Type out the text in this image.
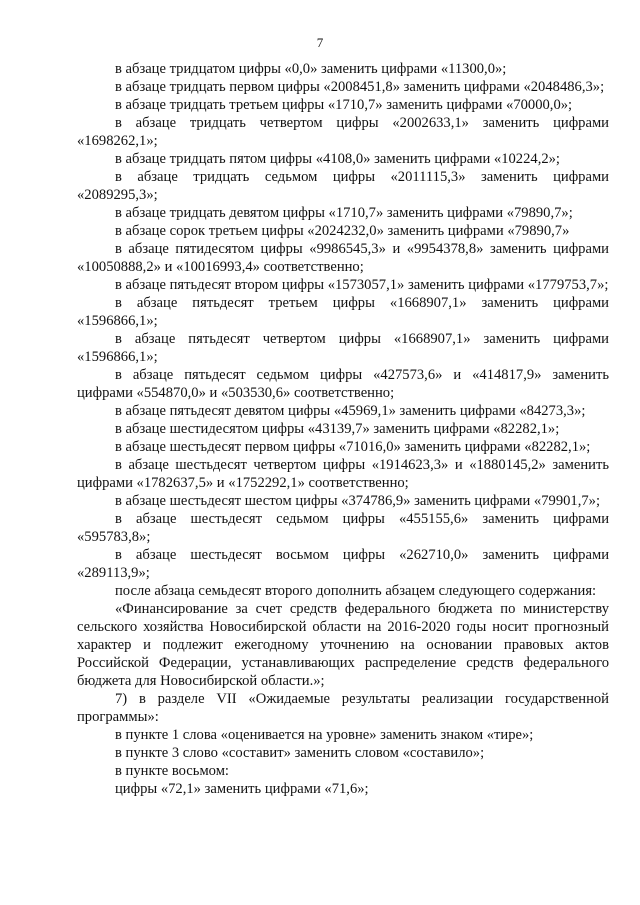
7

в абзаце тридцатом цифры «0,0» заменить цифрами «11300,0»;

в абзаце тридцать первом цифры «2008451,8» заменить цифрами «2048486,3»;

в абзаце тридцать третьем цифры «1710,7» заменить цифрами «70000,0»;

в абзаце тридцать четвертом цифры «2002633,1» заменить цифрами «1698262,1»;

в абзаце тридцать пятом цифры «4108,0» заменить цифрами «10224,2»;

в абзаце тридцать седьмом цифры «2011115,3» заменить цифрами «2089295,3»;

в абзаце тридцать девятом цифры «1710,7» заменить цифрами «79890,7»;

в абзаце сорок третьем цифры «2024232,0» заменить цифрами «79890,7»

в абзаце пятидесятом цифры «9986545,3» и «9954378,8» заменить цифрами «10050888,2» и «10016993,4» соответственно;

в абзаце пятьдесят втором цифры «1573057,1» заменить цифрами «1779753,7»;

в абзаце пятьдесят третьем цифры «1668907,1» заменить цифрами «1596866,1»;

в абзаце пятьдесят четвертом цифры «1668907,1» заменить цифрами «1596866,1»;

в абзаце пятьдесят седьмом цифры «427573,6» и «414817,9» заменить цифрами «554870,0» и «503530,6» соответственно;

в абзаце пятьдесят девятом цифры «45969,1» заменить цифрами «84273,3»;

в абзаце шестидесятом цифры «43139,7» заменить цифрами «82282,1»;

в абзаце шестьдесят первом цифры «71016,0» заменить цифрами «82282,1»;

в абзаце шестьдесят четвертом цифры «1914623,3» и «1880145,2» заменить цифрами «1782637,5» и «1752292,1» соответственно;

в абзаце шестьдесят шестом цифры «374786,9» заменить цифрами «79901,7»;

в абзаце шестьдесят седьмом цифры «455155,6» заменить цифрами «595783,8»;

в абзаце шестьдесят восьмом цифры «262710,0» заменить цифрами «289113,9»;

после абзаца семьдесят второго дополнить абзацем следующего содержания:

«Финансирование за счет средств федерального бюджета по министерству сельского хозяйства Новосибирской области на 2016-2020 годы носит прогнозный характер и подлежит ежегодному уточнению на основании правовых актов Российской Федерации, устанавливающих распределение средств федерального бюджета для Новосибирской области.»;

7) в разделе VII «Ожидаемые результаты реализации государственной программы»:

в пункте 1 слова «оценивается на уровне» заменить знаком «тире»;

в пункте 3 слово «составит» заменить словом «составило»;

в пункте восьмом:

цифры «72,1» заменить цифрами «71,6»;
